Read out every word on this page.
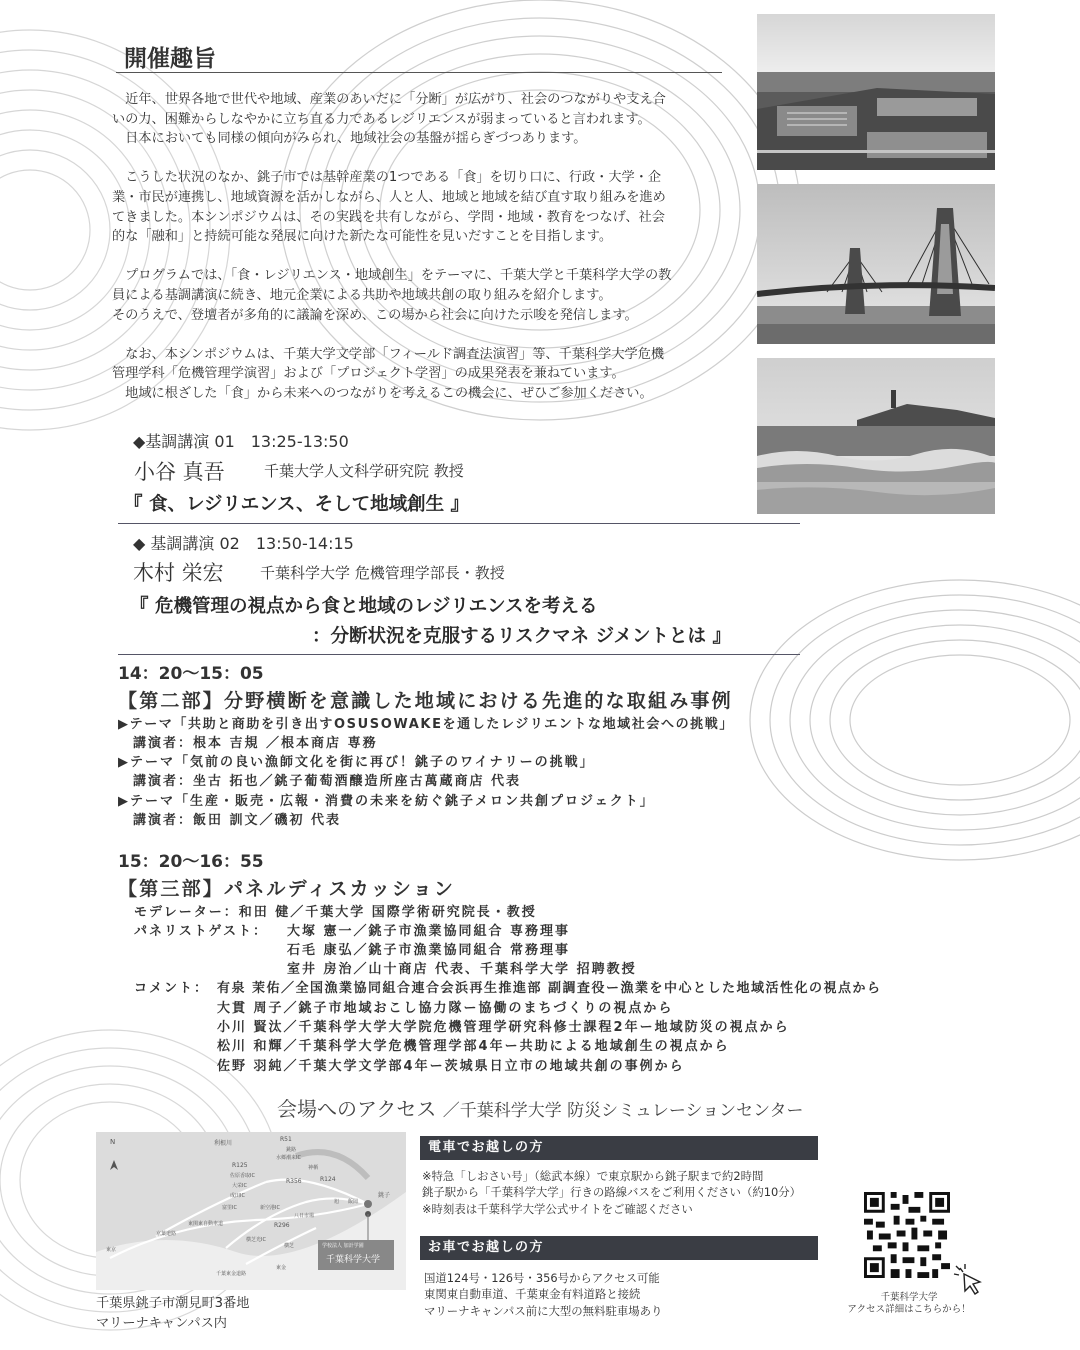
開催趣旨

　近年、世界各地で世代や地域、産業のあいだに「分断」が広がり、社会のつながりや支え合
いの力、困難からしなやかに立ち直る力であるレジリエンスが弱まっていると言われます。
　日本においても同様の傾向がみられ、地域社会の基盤が揺らぎづつあります。

　こうした状況のなか、銚子市では基幹産業の1つである「食」を切り口に、行政・大学・企
業・市民が連携し、地域資源を活かしながら、人と人、地域と地域を結び直す取り組みを進め
てきました。本シンポジウムは、その実践を共有しながら、学問・地域・教育をつなげ、社会
的な「融和」と持続可能な発展に向けた新たな可能性を見いだすことを目指します。

　プログラムでは、「食・レジリエンス・地域創生」をテーマに、千葉大学と千葉科学大学の教
員による基調講演に続き、地元企業による共助や地域共創の取り組みを紹介します。
そのうえで、登壇者が多角的に議論を深め、この場から社会に向けた示唆を発信します。

　なお、本シンポジウムは、千葉大学文学部「フィールド調査法演習」等、千葉科学大学危機
管理学科「危機管理学演習」および「プロジェクト学習」の成果発表を兼ねています。
　地域に根ざした「食」から未来へのつながりを考えるこの機会に、ぜひご参加ください。

◆基調講演 01　13:25-13:50
小谷 真吾	千葉大学人文科学研究院 教授
『 食、レジリエンス、そして地域創生 』
◆ 基調講演 02　13:50-14:15
木村 栄宏 千葉科学大学 危機管理学部長・教授
『 危機管理の視点から食と地域のレジリエンスを考える
：分断状況を克服するリスクマネ ジメントとは 』
14：20〜15：05
【第二部】分野横断を意識した地域における先進的な取組み事例
▶テーマ「共助と商助を引き出すOSUSOWAKEを通したレジリエントな地域社会への挑戦」
　講演者：根本 吉規 ／根本商店 専務
▶テーマ「気前の良い漁師文化を街に再び！銚子のワイナリーの挑戦」
　講演者：坐古 拓也／銚子葡萄酒醸造所座古萬蔵商店 代表
▶テーマ「生産・販売・広報・消費の未来を紡ぐ銚子メロン共創プロジェクト」
　講演者：飯田 訓文／磯初 代表
15：20〜16：55
【第三部】パネルディスカッション
モデレーター：和田 健／千葉大学 国際学術研究院長・教授
パネリストゲスト： 大塚 憲一／銚子市漁業協同組合 専務理事
石毛 康弘／銚子市漁業協同組合 常務理事
室井 房治／山十商店 代表、千葉科学大学 招聘教授
コメント： 有泉 茉佑／全国漁業協同組合連合会浜再生推進部 副調査役ー漁業を中心とした地域活性化の視点から
大貫 周子／銚子市地域おこし協力隊ー協働のまちづくりの視点から
小川 賢汰／千葉科学大学大学院危機管理学研究科修士課程2年ー地域防災の視点から
松川 和輝／千葉科学大学危機管理学部4年ー共助による地域創生の視点から
佐野 羽純／千葉大学文学部4年ー茨城県日立市の地域共創の事例から
会場へのアクセス ／千葉科学大学 防災シミュレーションセンター
N	利根川
R51
銚路
水郷潮来IC
R125	神栖
佐原香取IC
R356
大栄IC
R124
成田IC
旭 飯岡
銚子
富里IC	新空港IC
八日市場
東関東自動車道	R296
京葉道路
横芝光IC
横芝
東京
千葉東金道路
東金
学校法人 加計学園
千葉科学大学
千葉県銚子市潮見町3番地
マリーナキャンパス内
電車でお越しの方
※特急「しおさい号」（総武本線）で東京駅から銚子駅まで約2時間
銚子駅から「千葉科学大学」行きの路線バスをご利用ください（約10分）
※時刻表は千葉科学大学公式サイトをご確認ください
お車でお越しの方
国道124号・126号・356号からアクセス可能
東関東自動車道、千葉東金有料道路と接続
マリーナキャンパス前に大型の無料駐車場あり
千葉科学大学
アクセス詳細はこちらから！
